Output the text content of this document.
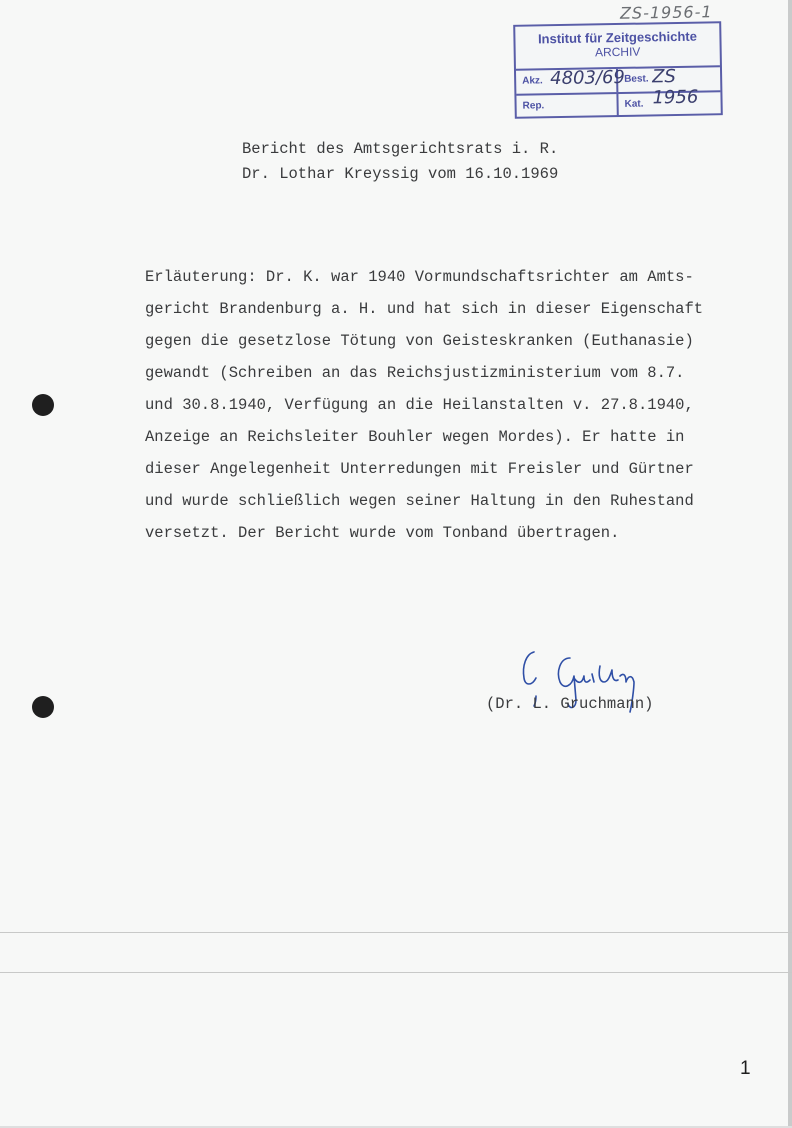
ZS-1956-1
Institut für Zeitgeschichte
ARCHIV
Akz. 4803/69
Best. ZS 1956
Rep.	Kat.
Bericht des Amtsgerichtsrats i. R.
Dr. Lothar Kreyssig vom 16.10.1969

Erläuterung: Dr. K. war 1940 Vormundschaftsrichter am Amts-

gericht Brandenburg a. H. und hat sich in dieser Eigenschaft

gegen die gesetzlose Tötung von Geisteskranken (Euthanasie)

gewandt (Schreiben an das Reichsjustizministerium vom 8.7.

und 30.8.1940, Verfügung an die Heilanstalten v. 27.8.1940,

Anzeige an Reichsleiter Bouhler wegen Mordes). Er hatte in

dieser Angelegenheit Unterredungen mit Freisler und Gürtner

und wurde schließlich wegen seiner Haltung in den Ruhestand

versetzt. Der Bericht wurde vom Tonband übertragen.

(Dr. L. Gruchmann)
1
